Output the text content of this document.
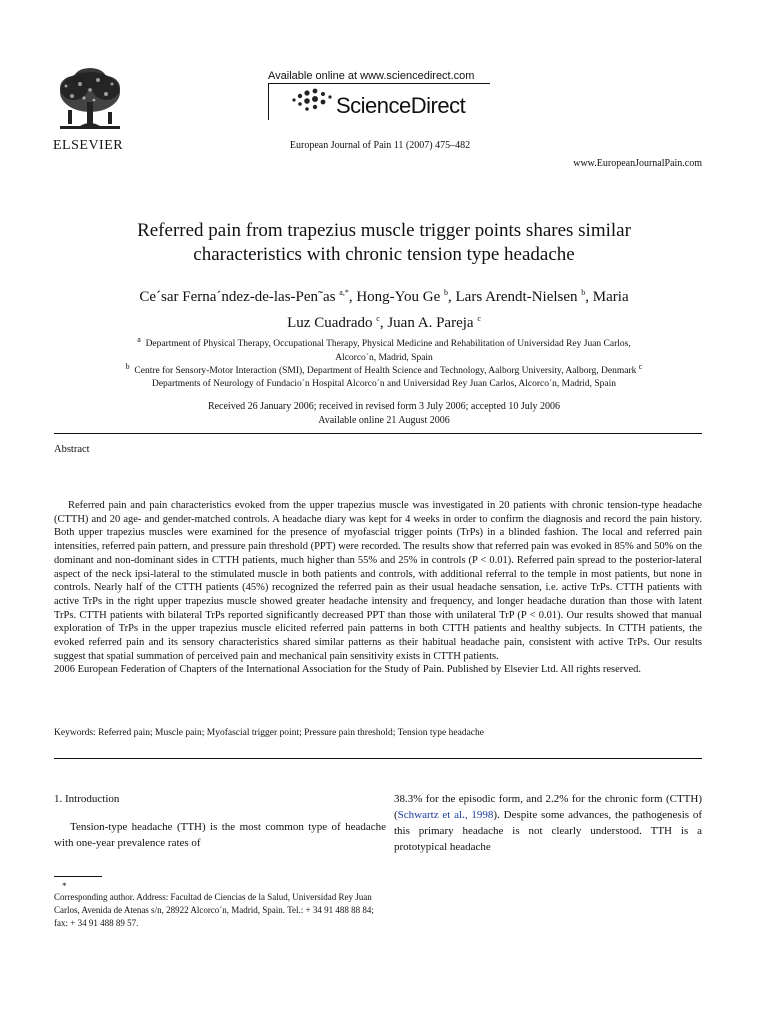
ELSEVIER
Available online at www.sciencedirect.com
ScienceDirect
European Journal of Pain 11 (2007) 475–482
www.EuropeanJournalPain.com
Referred pain from trapezius muscle trigger points shares similar
characteristics with chronic tension type headache
Ce´sar Ferna´ndez-de-las-Pen˜as $^{a,*}$, Hong-You Ge $^b$, Lars Arendt-Nielsen $^b$, Maria
Luz Cuadrado $^c$, Juan A. Pareja $^c$
$^a$ Department of Physical Therapy, Occupational Therapy, Physical Medicine and Rehabilitation of Universidad Rey Juan Carlos,
Alcorco´n, Madrid, Spain
$^b$ Centre for Sensory-Motor Interaction (SMI), Department of Health Science and Technology, Aalborg University, Aalborg, Denmark $^c$
Departments of Neurology of Fundacio´n Hospital Alcorco´n and Universidad Rey Juan Carlos, Alcorco´n, Madrid, Spain
Received 26 January 2006; received in revised form 3 July 2006; accepted 10 July 2006
Available online 21 August 2006
Abstract

Referred pain and pain characteristics evoked from the upper trapezius muscle was investigated in 20 patients with chronic tension-type headache (CTTH) and 20 age- and gender-matched controls. A headache diary was kept for 4 weeks in order to confirm the diagnosis and record the pain history. Both upper trapezius muscles were examined for the presence of myofascial trigger points (TrPs) in a blinded fashion. The local and referred pain intensities, referred pain pattern, and pressure pain threshold (PPT) were recorded. The results show that referred pain was evoked in 85% and 50% on the dominant and non-dominant sides in CTTH patients, much higher than 55% and 25% in controls (P < 0.01). Referred pain spread to the posterior-lateral aspect of the neck ipsi-lateral to the stimulated muscle in both patients and controls, with additional referral to the temple in most patients, but none in controls. Nearly half of the CTTH patients (45%) recognized the referred pain as their usual headache sensation, i.e. active TrPs. CTTH patients with active TrPs in the right upper trapezius muscle showed greater headache intensity and frequency, and longer headache duration than those with latent TrPs. CTTH patients with bilateral TrPs reported significantly decreased PPT than those with unilateral TrP (P < 0.01). Our results showed that manual exploration of TrPs in the upper trapezius muscle elicited referred pain patterns in both CTTH patients and healthy subjects. In CTTH patients, the evoked referred pain and its sensory characteristics shared similar patterns as their habitual headache pain, consistent with active TrPs. Our results suggest that spatial summation of perceived pain and mechanical pain sensitivity exists in CTTH patients.

2006 European Federation of Chapters of the International Association for the Study of Pain. Published by Elsevier Ltd. All rights reserved.

Keywords: Referred pain; Muscle pain; Myofascial trigger point; Pressure pain threshold; Tension type headache

1. Introduction

Tension-type headache (TTH) is the most common type of headache with one-year prevalence rates of

38.3% for the episodic form, and 2.2% for the chronic form (CTTH) (Schwartz et al., 1998). Despite some advances, the pathogenesis of this primary headache is not clearly understood. TTH is a prototypical headache

*
Corresponding author. Address: Facultad de Ciencias de la Salud, Universidad Rey Juan Carlos, Avenida de Atenas s/n, 28922 Alcorco´n, Madrid, Spain. Tel.: + 34 91 488 88 84; fax: + 34 91 488 89 57.
